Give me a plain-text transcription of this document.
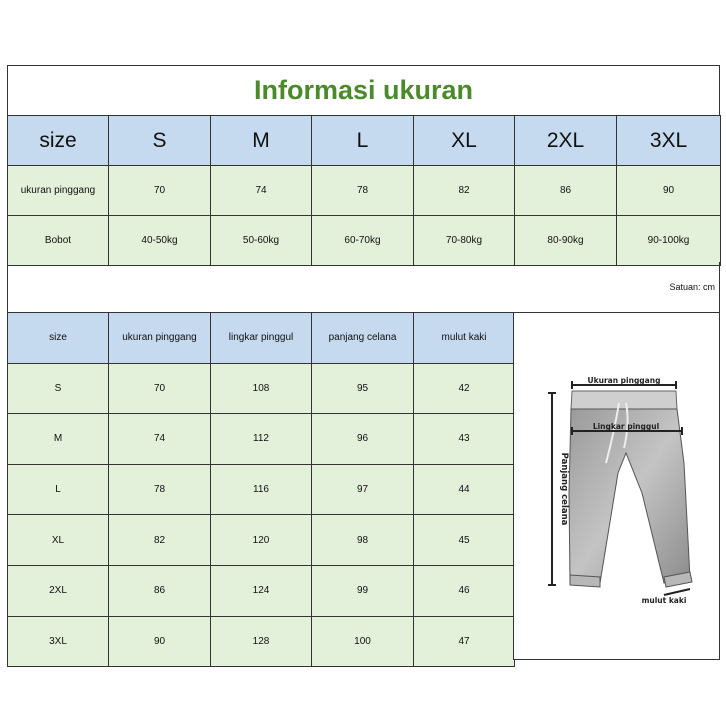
Informasi ukuran
size	S	M	L	XL	2XL	3XL
ukuran pinggang	70	74	78	82	86	90
Bobot	40-50kg	50-60kg	60-70kg	70-80kg	80-90kg	90-100kg
Satuan: cm
size	ukuran pinggang	lingkar pinggul	panjang celana	mulut kaki
S	70	108	95	42
M	74	112	96	43
L	78	116	97	44
XL	82	120	98	45
2XL	86	124	99	46
3XL	90	128	100	47
Ukuran pinggang
Lingkar pinggul
Panjang celana
mulut kaki
